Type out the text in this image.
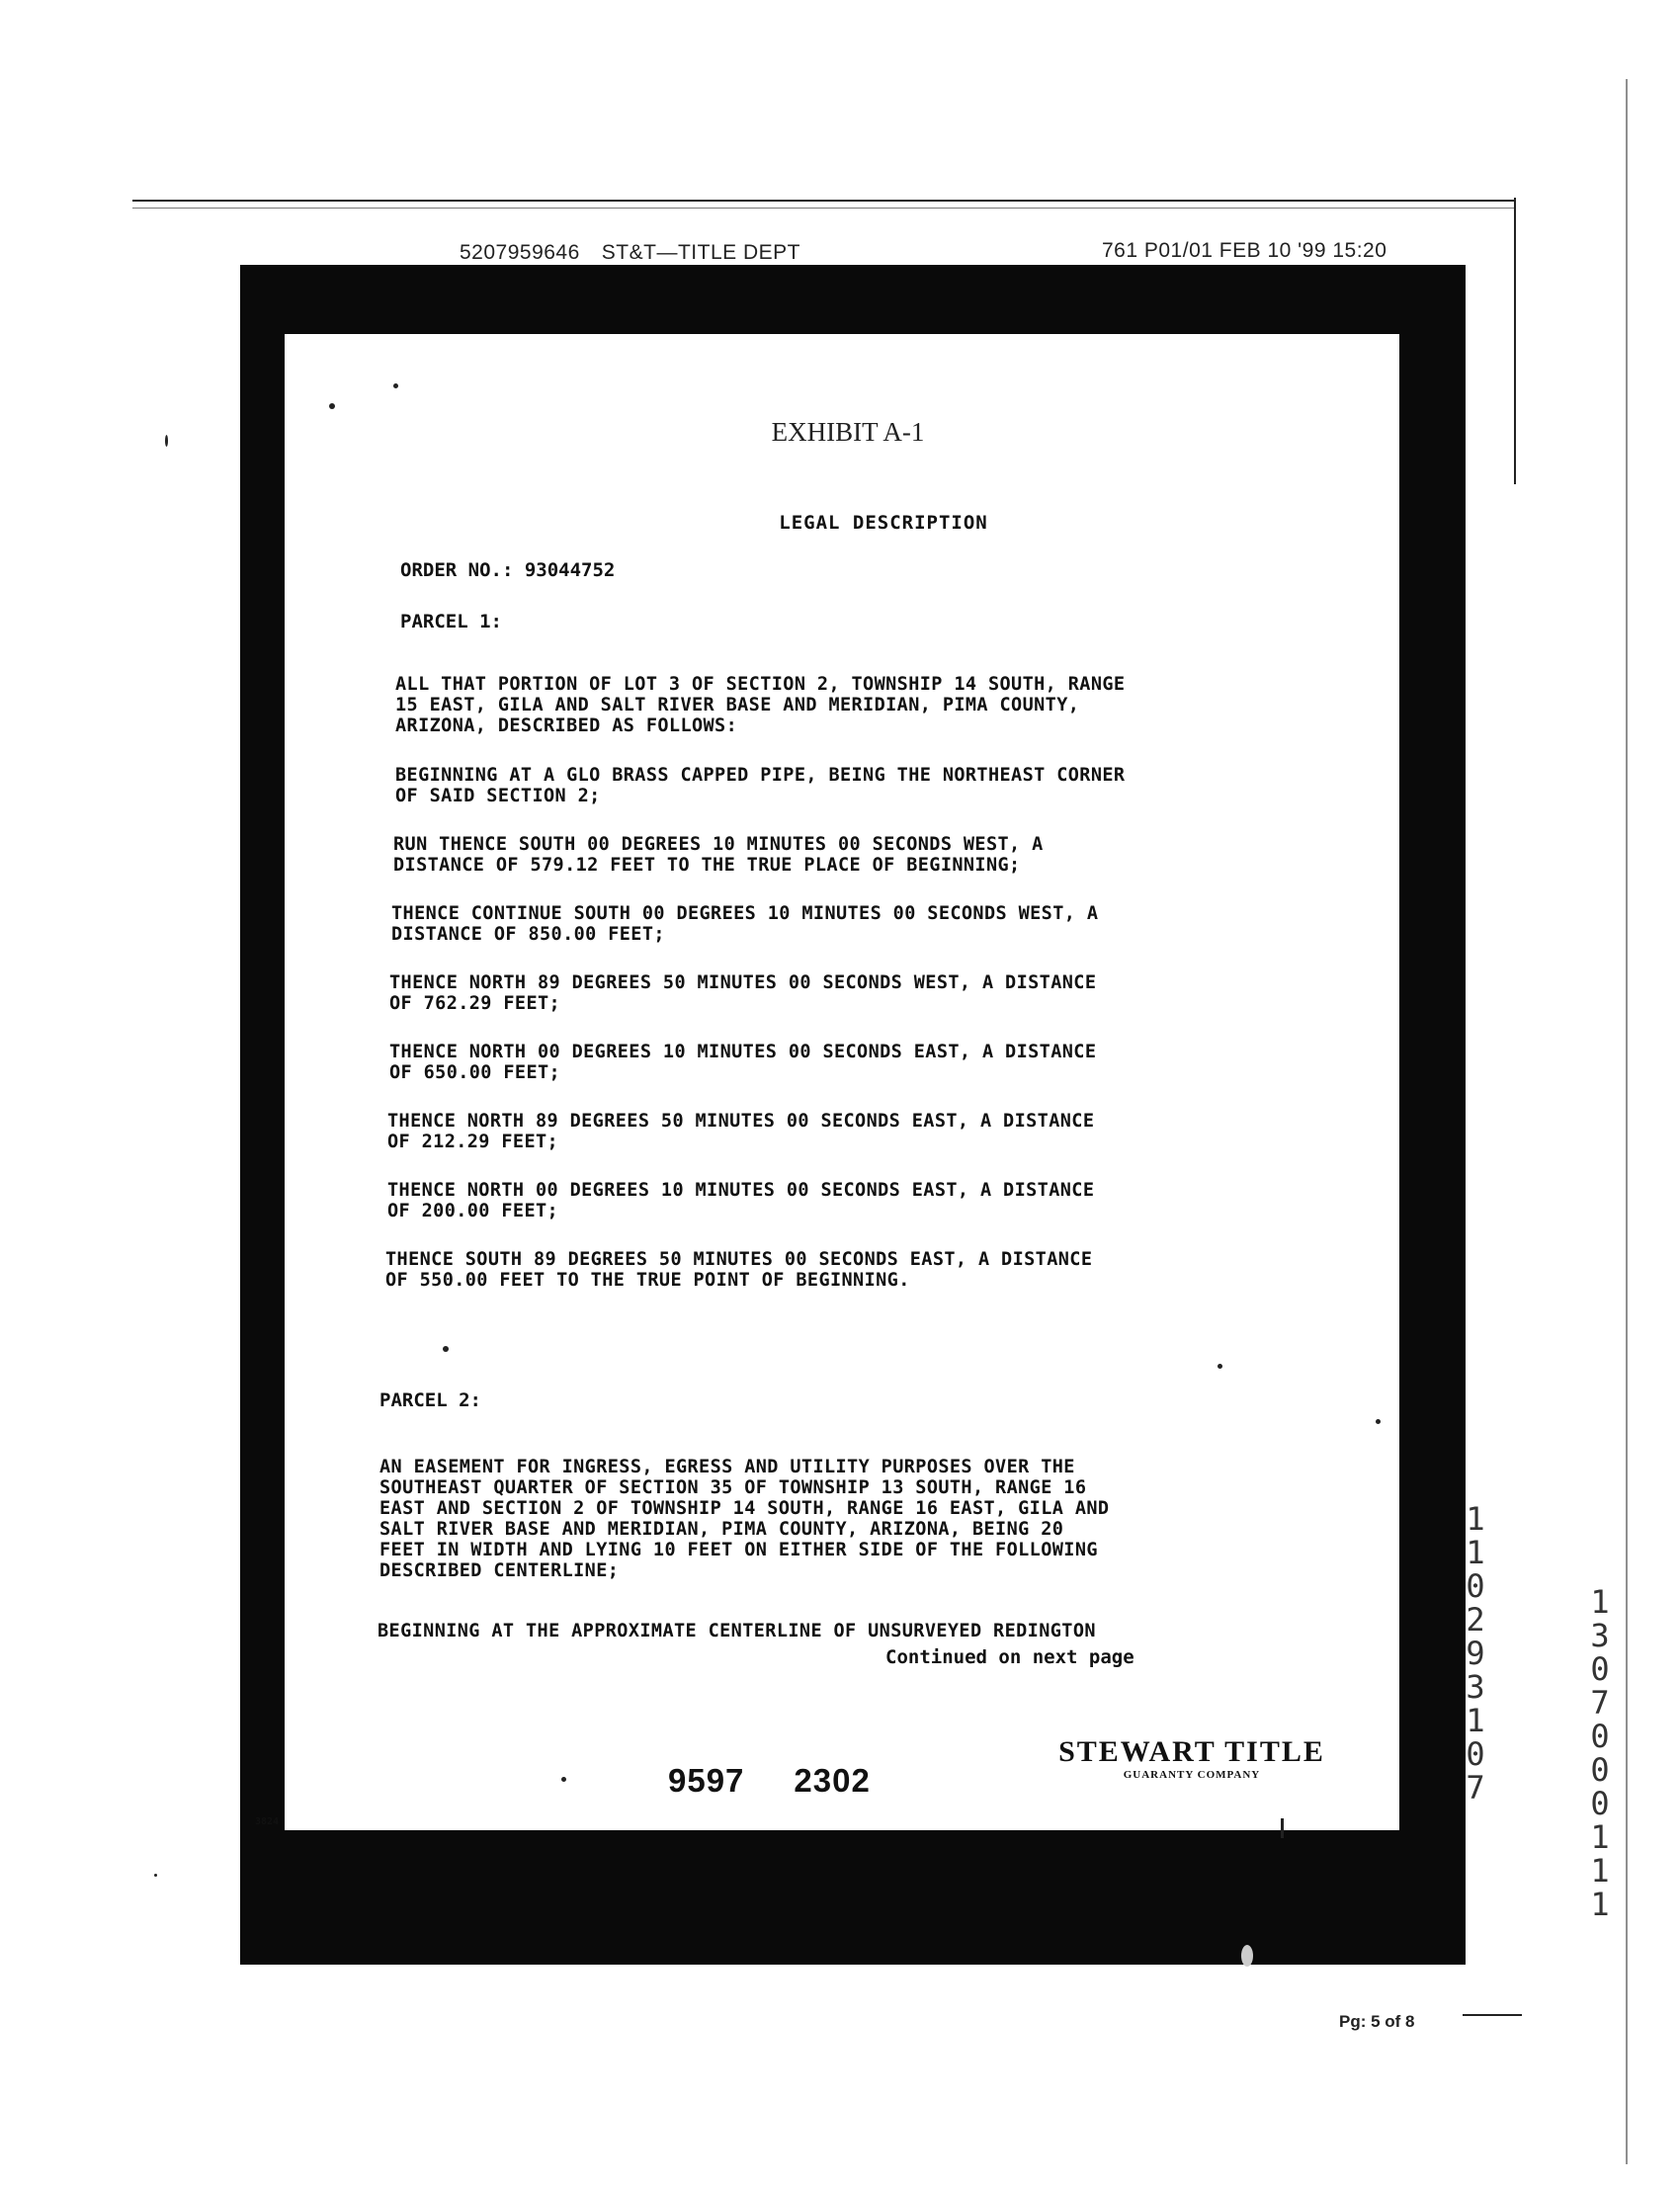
5207959646 ST&T—TITLE DEPT	761 P01/01 FEB 10 '99 15:20
EXHIBIT A-1
LEGAL DESCRIPTION
ORDER NO.: 93044752
PARCEL 1:
ALL THAT PORTION OF LOT 3 OF SECTION 2, TOWNSHIP 14 SOUTH, RANGE
15 EAST, GILA AND SALT RIVER BASE AND MERIDIAN, PIMA COUNTY,
ARIZONA, DESCRIBED AS FOLLOWS:
BEGINNING AT A GLO BRASS CAPPED PIPE, BEING THE NORTHEAST CORNER
OF SAID SECTION 2;
RUN THENCE SOUTH 00 DEGREES 10 MINUTES 00 SECONDS WEST, A
DISTANCE OF 579.12 FEET TO THE TRUE PLACE OF BEGINNING;
THENCE CONTINUE SOUTH 00 DEGREES 10 MINUTES 00 SECONDS WEST, A
DISTANCE OF 850.00 FEET;
THENCE NORTH 89 DEGREES 50 MINUTES 00 SECONDS WEST, A DISTANCE
OF 762.29 FEET;
THENCE NORTH 00 DEGREES 10 MINUTES 00 SECONDS EAST, A DISTANCE
OF 650.00 FEET;
THENCE NORTH 89 DEGREES 50 MINUTES 00 SECONDS EAST, A DISTANCE
OF 212.29 FEET;
THENCE NORTH 00 DEGREES 10 MINUTES 00 SECONDS EAST, A DISTANCE
OF 200.00 FEET;
THENCE SOUTH 89 DEGREES 50 MINUTES 00 SECONDS EAST, A DISTANCE
OF 550.00 FEET TO THE TRUE POINT OF BEGINNING.
PARCEL 2:
AN EASEMENT FOR INGRESS, EGRESS AND UTILITY PURPOSES OVER THE
SOUTHEAST QUARTER OF SECTION 35 OF TOWNSHIP 13 SOUTH, RANGE 16
EAST AND SECTION 2 OF TOWNSHIP 14 SOUTH, RANGE 16 EAST, GILA AND
SALT RIVER BASE AND MERIDIAN, PIMA COUNTY, ARIZONA, BEING 20
FEET IN WIDTH AND LYING 10 FEET ON EITHER SIDE OF THE FOLLOWING
DESCRIBED CENTERLINE;
BEGINNING AT THE APPROXIMATE CENTERLINE OF UNSURVEYED REDINGTON
Continued on next page
STEWART TITLE
GUARANTY COMPANY
9597 2302
3824
11029 3107
13070 00111
Pg: 5 of 8
